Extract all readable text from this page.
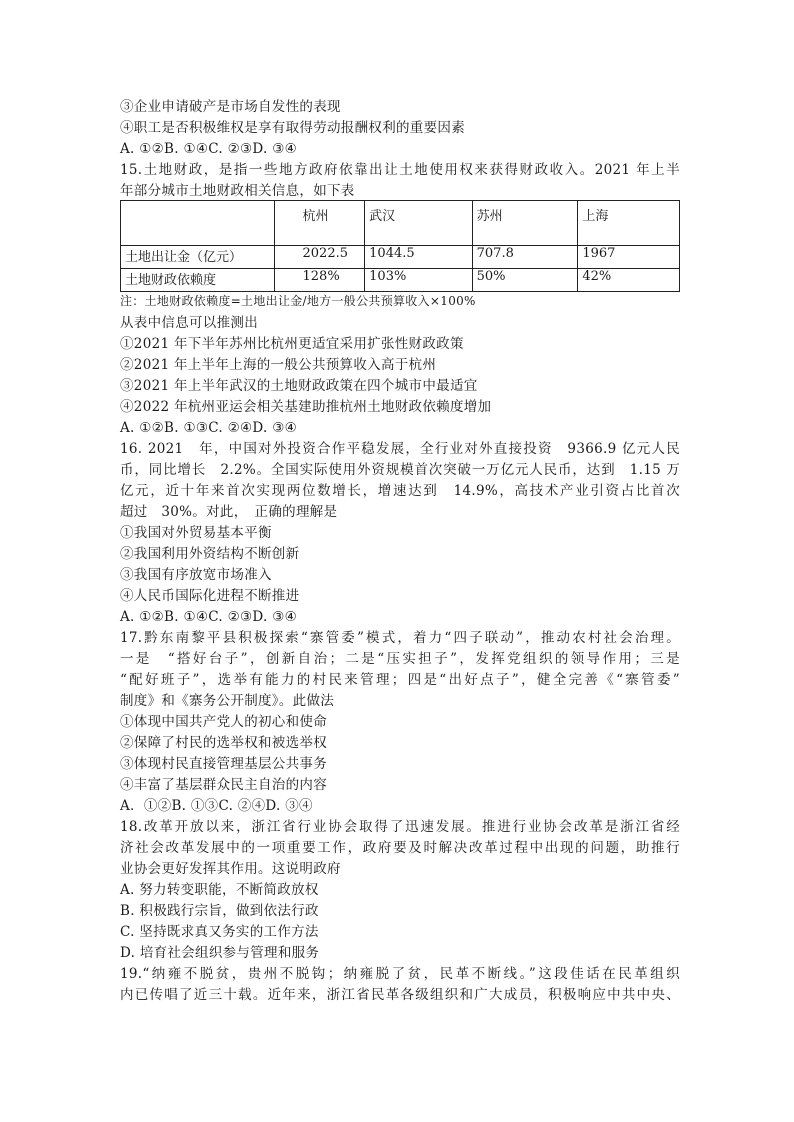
③企业申请破产是市场自发性的表现
④职工是否积极维权是享有取得劳动报酬权利的重要因素
A. ①②B. ①④C. ②③D. ③④
15.土地财政，是指一些地方政府依靠出让土地使用权来获得财政收入。2021 年上半
年部分城市土地财政相关信息，如下表
	杭州	武汉	苏州	上海
土地出让金（亿元）	2022.5	1044.5	707.8	1967
土地财政依赖度	128%	103%	50%	42%
注：土地财政依赖度=土地出让金/地方一般公共预算收入×100%
从表中信息可以推测出
①2021 年下半年苏州比杭州更适宜采用扩张性财政政策
②2021 年上半年上海的一般公共预算收入高于杭州
③2021 年上半年武汉的土地财政政策在四个城市中最适宜
④2022 年杭州亚运会相关基建助推杭州土地财政依赖度增加
A. ①②B. ①③C. ②④D. ③④
16. 2021　年，中国对外投资合作平稳发展，全行业对外直接投资　9366.9 亿元人民
币，同比增长　2.2%。全国实际使用外资规模首次突破一万亿元人民币，达到　1.15 万
亿元，近十年来首次实现两位数增长，增速达到　14.9%，高技术产业引资占比首次
超过　30%。对此，　正确的理解是
①我国对外贸易基本平衡
②我国利用外资结构不断创新
③我国有序放宽市场准入
④人民币国际化进程不断推进
A. ①②B. ①④C. ②③D. ③④
17.黔东南黎平县积极探索“寨管委”模式，着力“四子联动”，推动农村社会治理。
一是　“搭好台子”，创新自治；二是“压实担子”，发挥党组织的领导作用；三是
“配好班子”，选举有能力的村民来管理；四是“出好点子”，健全完善《“寨管委”
制度》和《寨务公开制度》。此做法
①体现中国共产党人的初心和使命
②保障了村民的选举权和被选举权
③体现村民直接管理基层公共事务
④丰富了基层群众民主自治的内容
A．①②B. ①③C. ②④D. ③④
18.改革开放以来，浙江省行业协会取得了迅速发展。推进行业协会改革是浙江省经
济社会改革发展中的一项重要工作，政府要及时解决改革过程中出现的问题，助推行
业协会更好发挥其作用。这说明政府
A. 努力转变职能，不断简政放权
B. 积极践行宗旨，做到依法行政
C. 坚持既求真又务实的工作方法
D. 培育社会组织参与管理和服务
19.“纳雍不脱贫，贵州不脱钩；纳雍脱了贫，民革不断线。”这段佳话在民革组织
内已传唱了近三十载。近年来，浙江省民革各级组织和广大成员，积极响应中共中央、
